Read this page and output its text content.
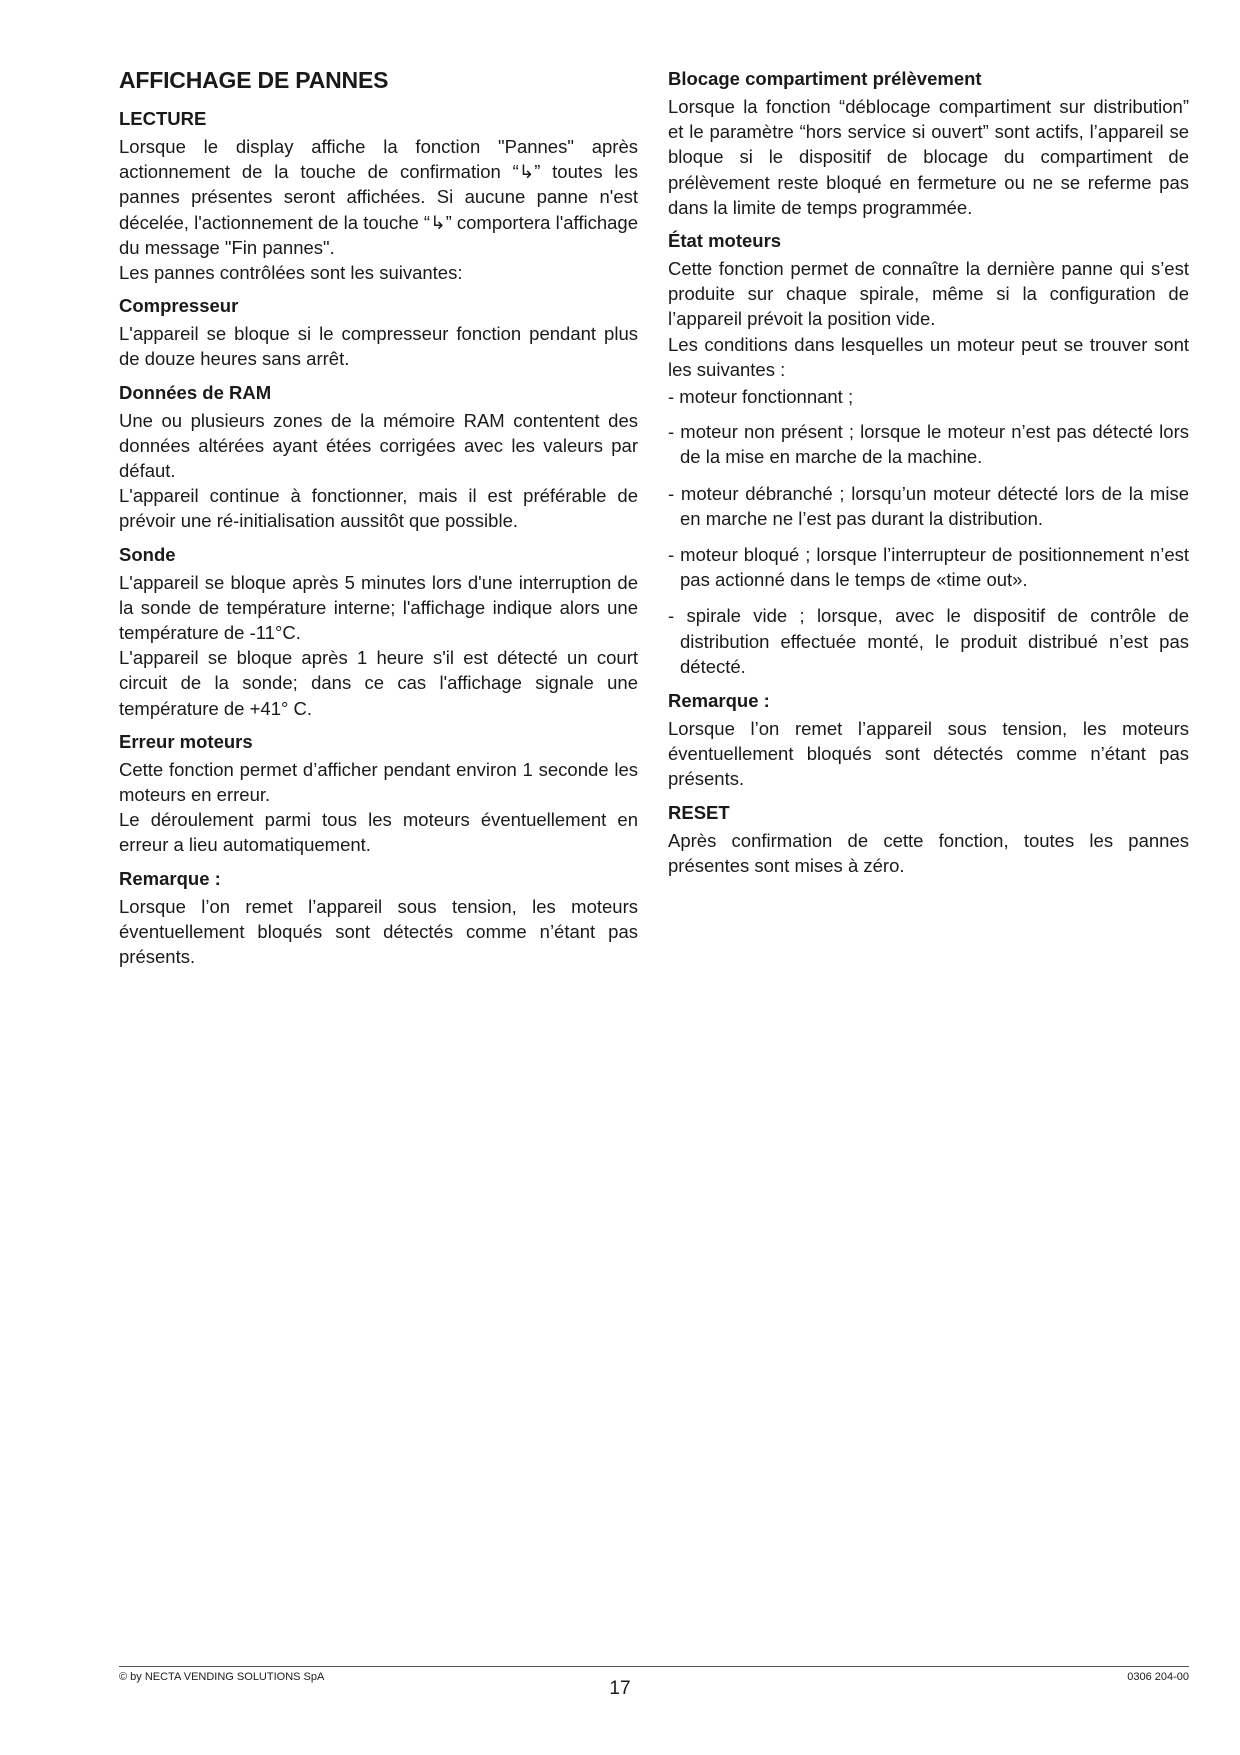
AFFICHAGE DE PANNES
LECTURE

Lorsque le display affiche la fonction "Pannes" après actionnement de la touche de confirmation “↳” toutes les pannes présentes seront affichées. Si aucune panne n'est décelée, l'actionnement de la touche “↳” comportera l'affichage du message "Fin pannes".

Les pannes contrôlées sont les suivantes:

Compresseur

L'appareil se bloque si le compresseur fonction pendant plus de douze heures sans arrêt.

Données de RAM

Une ou plusieurs zones de la mémoire RAM contentent des données altérées ayant étées corrigées avec les valeurs par défaut.

L'appareil continue à fonctionner, mais il est préférable de prévoir une ré-initialisation aussitôt que possible.

Sonde

L'appareil se bloque après 5 minutes lors d'une interruption de la sonde de température interne; l'affichage indique alors une température de -11°C.

L'appareil se bloque après 1 heure s'il est détecté un court circuit de la sonde; dans ce cas l'affichage signale une température de +41° C.

Erreur moteurs

Cette fonction permet d’afficher pendant environ 1 seconde les moteurs en erreur.

Le déroulement parmi tous les moteurs éventuellement en erreur a lieu automatiquement.

Remarque :

Lorsque l’on remet l’appareil sous tension, les moteurs éventuellement bloqués sont détectés comme n’étant pas présents.

Blocage compartiment prélèvement

Lorsque la fonction “déblocage compartiment sur distribution” et le paramètre “hors service si ouvert” sont actifs, l’appareil se bloque si le dispositif de blocage du compartiment de prélèvement reste bloqué en fermeture ou ne se referme pas dans la limite de temps programmée.

État moteurs

Cette fonction permet de connaître la dernière panne qui s’est produite sur chaque spirale, même si la configuration de l’appareil prévoit la position vide.

Les conditions dans lesquelles un moteur peut se trouver sont les suivantes :

- moteur fonctionnant ;
- moteur non présent ; lorsque le moteur n’est pas détecté lors de la mise en marche de la machine.
- moteur débranché ; lorsqu’un moteur détecté lors de la mise en marche ne l’est pas durant la distribution.
- moteur bloqué ; lorsque l’interrupteur de positionnement n’est pas actionné dans le temps de «time out».
- spirale vide ; lorsque, avec le dispositif de contrôle de distribution effectuée monté, le produit distribué n’est pas détecté.
Remarque :

Lorsque l’on remet l’appareil sous tension, les moteurs éventuellement bloqués sont détectés comme n’étant pas présents.

RESET

Après confirmation de cette fonction, toutes les pannes présentes sont mises à zéro.

© by NECTA VENDING SOLUTIONS SpA
17
0306 204-00
